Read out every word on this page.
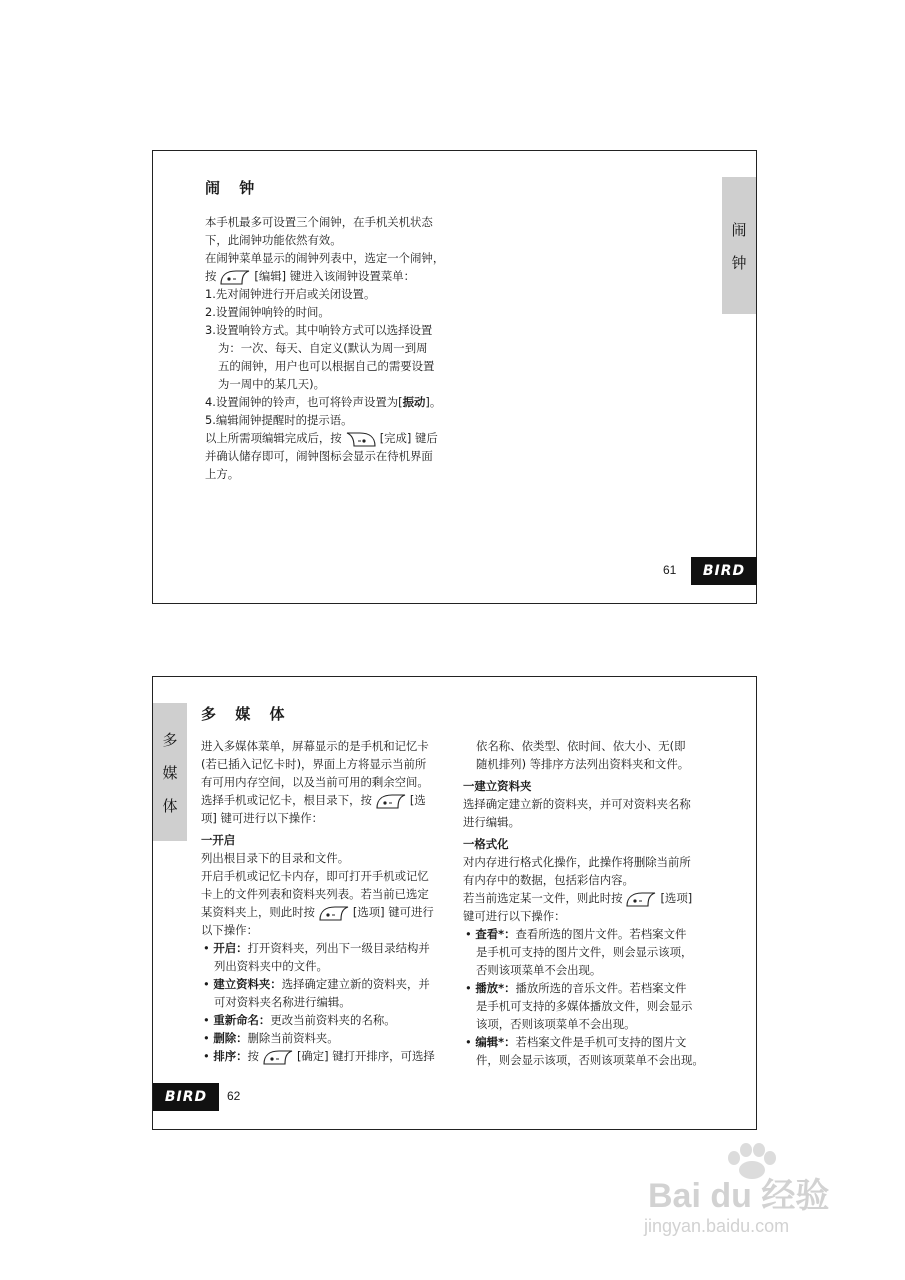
闹
钟
闹 钟

本手机最多可设置三个闹钟，在手机关机状态

下，此闹钟功能依然有效。

在闹钟菜单显示的闹钟列表中，选定一个闹钟，

按	[编辑] 键进入该闹钟设置菜单：

1.先对闹钟进行开启或关闭设置。

2.设置闹钟响铃的时间。

3.设置响铃方式。其中响铃方式可以选择设置

为：一次、每天、自定义(默认为周一到周

五的闹钟，用户也可以根据自己的需要设置

为一周中的某几天)。

4.设置闹钟的铃声，也可将铃声设置为[振动]。

5.编辑闹钟提醒时的提示语。

以上所需项编辑完成后，按	[完成] 键后

并确认储存即可，闹钟图标会显示在待机界面

上方。

61	BIRD
多
媒
体
多 媒 体

进入多媒体菜单，屏幕显示的是手机和记忆卡

(若已插入记忆卡时)，界面上方将显示当前所

有可用内存空间，以及当前可用的剩余空间。

选择手机或记忆卡，根目录下，按	[选

项] 键可进行以下操作：

一开启

列出根目录下的目录和文件。

开启手机或记忆卡内存，即可打开手机或记忆

卡上的文件列表和资料夹列表。若当前已选定

某资料夹上，则此时按	[选项] 键可进行

以下操作：

• 开启：打开资料夹，列出下一级目录结构并

列出资料夹中的文件。

• 建立资料夹：选择确定建立新的资料夹，并

可对资料夹名称进行编辑。

• 重新命名：更改当前资料夹的名称。

• 删除：删除当前资料夹。

• 排序：按	[确定] 键打开排序，可选择

依名称、依类型、依时间、依大小、无(即

随机排列) 等排序方法列出资料夹和文件。

一建立资料夹

选择确定建立新的资料夹，并可对资料夹名称

进行编辑。

一格式化

对内存进行格式化操作，此操作将删除当前所

有内存中的数据，包括彩信内容。

若当前选定某一文件，则此时按	[选项]

键可进行以下操作：

• 查看*：查看所选的图片文件。若档案文件

是手机可支持的图片文件，则会显示该项，

否则该项菜单不会出现。

• 播放*：播放所选的音乐文件。若档案文件

是手机可支持的多媒体播放文件，则会显示

该项，否则该项菜单不会出现。

• 编辑*：若档案文件是手机可支持的图片文

件，则会显示该项，否则该项菜单不会出现。

BIRD	62
Bai du 经验
jingyan.baidu.com
